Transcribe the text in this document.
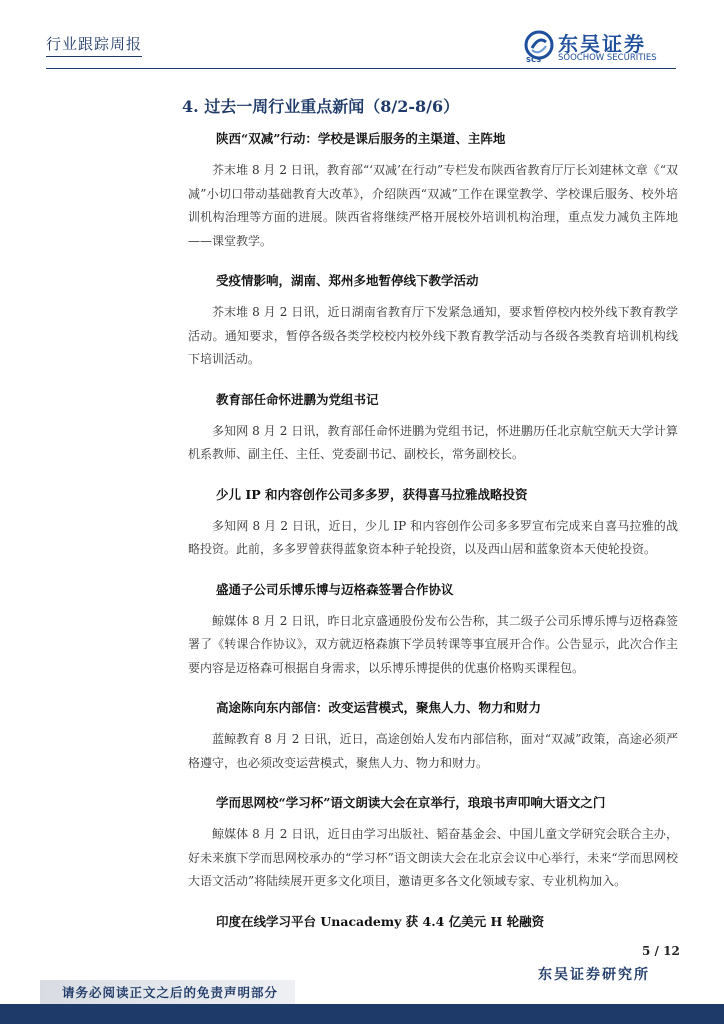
行业跟踪周报
SCS
东吴证券
SOOCHOW SECURITIES
4. 过去一周行业重点新闻（8/2-8/6）
陕西“双减”行动：学校是课后服务的主渠道、主阵地
芥末堆 8 月 2 日讯，教育部“‘双减’在行动”专栏发布陕西省教育厅厅长刘建林文章《“双减”小切口带动基础教育大改革》，介绍陕西“双减”工作在课堂教学、学校课后服务、校外培训机构治理等方面的进展。陕西省将继续严格开展校外培训机构治理，重点发力减负主阵地——课堂教学。
受疫情影响，湖南、郑州多地暂停线下教学活动
芥末堆 8 月 2 日讯，近日湖南省教育厅下发紧急通知，要求暂停校内校外线下教育教学活动。通知要求，暂停各级各类学校校内校外线下教育教学活动与各级各类教育培训机构线下培训活动。
教育部任命怀进鹏为党组书记
多知网 8 月 2 日讯，教育部任命怀进鹏为党组书记，怀进鹏历任北京航空航天大学计算机系教师、副主任、主任、党委副书记、副校长，常务副校长。
少儿 IP 和内容创作公司多多罗，获得喜马拉雅战略投资
多知网 8 月 2 日讯，近日，少儿 IP 和内容创作公司多多罗宣布完成来自喜马拉雅的战略投资。此前，多多罗曾获得蓝象资本种子轮投资，以及西山居和蓝象资本天使轮投资。
盛通子公司乐博乐博与迈格森签署合作协议
鲸媒体 8 月 2 日讯，昨日北京盛通股份发布公告称，其二级子公司乐博乐博与迈格森签署了《转课合作协议》，双方就迈格森旗下学员转课等事宜展开合作。公告显示，此次合作主要内容是迈格森可根据自身需求，以乐博乐博提供的优惠价格购买课程包。
高途陈向东内部信：改变运营模式，聚焦人力、物力和财力
蓝鲸教育 8 月 2 日讯，近日，高途创始人发布内部信称，面对“双减”政策，高途必须严格遵守，也必须改变运营模式，聚焦人力、物力和财力。
学而思网校“学习杯”语文朗读大会在京举行，琅琅书声叩响大语文之门
鲸媒体 8 月 2 日讯，近日由学习出版社、韬奋基金会、中国儿童文学研究会联合主办，好未来旗下学而思网校承办的“学习杯”语文朗读大会在北京会议中心举行，未来“学而思网校大语文活动”将陆续展开更多文化项目，邀请更多各文化领域专家、专业机构加入。
印度在线学习平台 Unacademy 获 4.4 亿美元 H 轮融资
5 / 12
东吴证券研究所
请务必阅读正文之后的免责声明部分
